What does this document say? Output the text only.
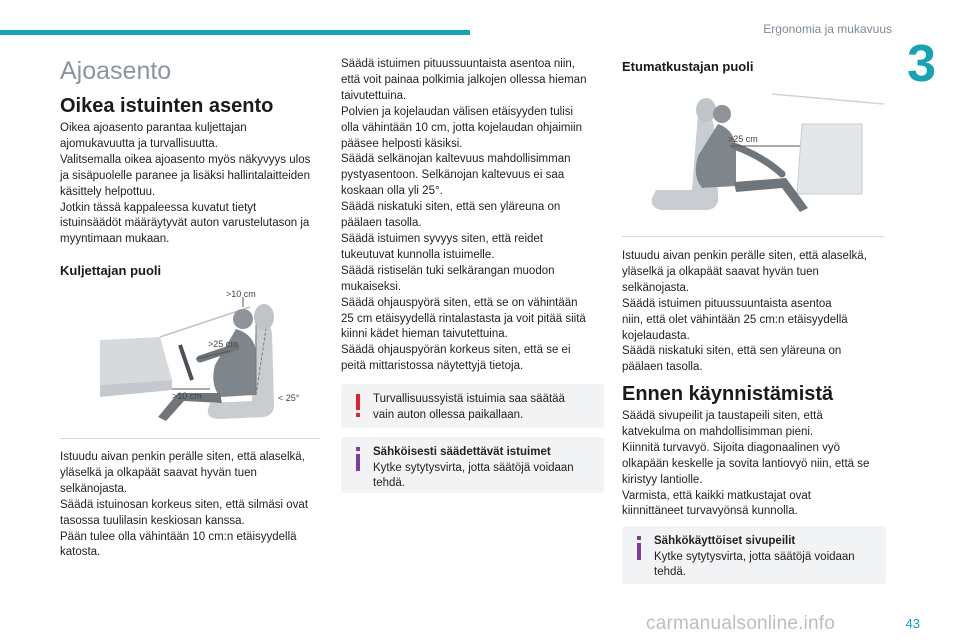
Ergonomia ja mukavuus
3
Ajoasento
Oikea istuinten asento

Oikea ajoasento parantaa kuljettajan
ajomukavuutta ja turvallisuutta.
Valitsemalla oikea ajoasento myös näkyvyys ulos
ja sisäpuolelle paranee ja lisäksi hallintalaitteiden
käsittely helpottuu.
Jotkin tässä kappaleessa kuvatut tietyt
istuinsäädöt määräytyvät auton varustelutason ja
myyntimaan mukaan.

Kuljettajan puoli
>10 cm
>25 cm
>10 cm	< 25°

Istuudu aivan penkin perälle siten, että alaselkä,
yläselkä ja olkapäät saavat hyvän tuen
selkänojasta.
Säädä istuinosan korkeus siten, että silmäsi ovat
tasossa tuulilasin keskiosan kanssa.
Pään tulee olla vähintään 10 cm:n etäisyydellä
katosta.

Säädä istuimen pituussuuntaista asentoa niin,
että voit painaa polkimia jalkojen ollessa hieman
taivutettuina.
Polvien ja kojelaudan välisen etäisyyden tulisi
olla vähintään 10 cm, jotta kojelaudan ohjaimiin
pääsee helposti käsiksi.
Säädä selkänojan kaltevuus mahdollisimman
pystyasentoon. Selkänojan kaltevuus ei saa
koskaan olla yli 25°.
Säädä niskatuki siten, että sen yläreuna on
päälaen tasolla.
Säädä istuimen syvyys siten, että reidet
tukeutuvat kunnolla istuimelle.
Säädä ristiselän tuki selkärangan muodon
mukaiseksi.
Säädä ohjauspyörä siten, että se on vähintään
25 cm etäisyydellä rintalastasta ja voit pitää siitä
kiinni kädet hieman taivutettuina.
Säädä ohjauspyörän korkeus siten, että se ei
peitä mittaristossa näytettyjä tietoja.

Turvallisuussyistä istuimia saa säätää
vain auton ollessa paikallaan.

Sähköisesti säädettävät istuimet

Kytke sytytysvirta, jotta säätöjä voidaan
tehdä.

Etumatkustajan puoli
>25 cm

Istuudu aivan penkin perälle siten, että alaselkä,
yläselkä ja olkapäät saavat hyvän tuen
selkänojasta.
Säädä istuimen pituussuuntaista asentoa
niin, että olet vähintään 25 cm:n etäisyydellä
kojelaudasta.
Säädä niskatuki siten, että sen yläreuna on
päälaen tasolla.

Ennen käynnistämistä

Säädä sivupeilit ja taustapeili siten, että
katvekulma on mahdollisimman pieni.
Kiinnitä turvavyö. Sijoita diagonaalinen vyö
olkapään keskelle ja sovita lantiovyö niin, että se
kiristyy lantiolle.
Varmista, että kaikki matkustajat ovat
kiinnittäneet turvavyönsä kunnolla.

Sähkökäyttöiset sivupeilit

Kytke sytytysvirta, jotta säätöjä voidaan
tehdä.

carmanualsonline.info	43
